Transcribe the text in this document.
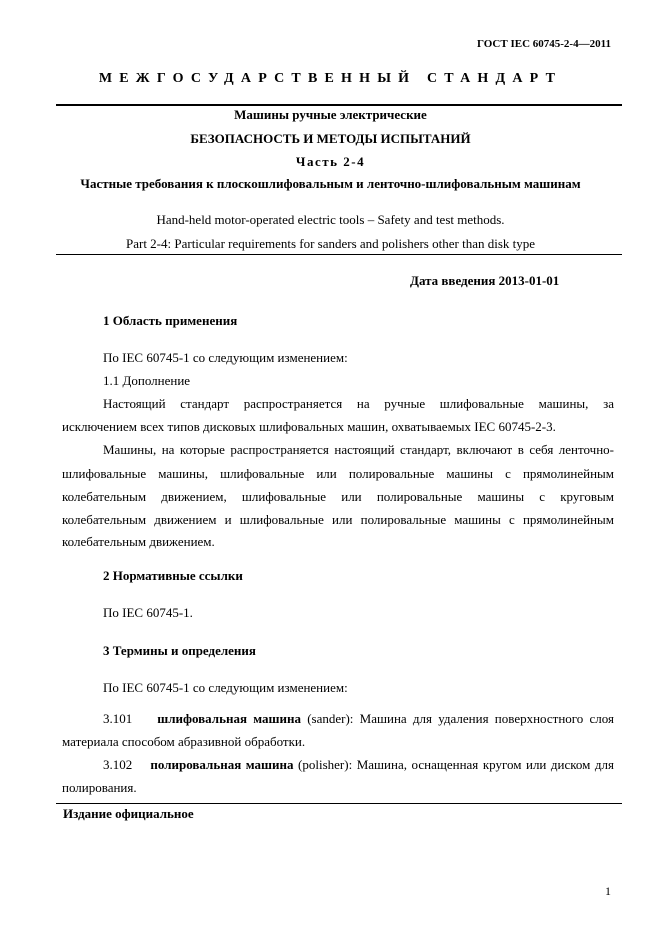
ГОСТ IEC 60745-2-4—2011
МЕЖГОСУДАРСТВЕННЫЙ СТАНДАРТ
Машины ручные электрические
БЕЗОПАСНОСТЬ И МЕТОДЫ ИСПЫТАНИЙ
Часть 2-4
Частные требования к плоскошлифовальным и ленточно-шлифовальным машинам
Hand-held motor-operated electric tools – Safety and test methods.
Part 2-4: Particular requirements for sanders and polishers other than disk type
Дата введения 2013-01-01
1 Область применения
По IEC 60745-1 со следующим изменением:
1.1 Дополнение
Настоящий стандарт распространяется на ручные шлифовальные машины, за
исключением всех типов дисковых шлифовальных машин, охватываемых IEC 60745-2-3.
Машины, на которые распространяется настоящий стандарт, включают в себя ленточно-
шлифовальные машины, шлифовальные или полировальные машины с прямолинейным
колебательным движением, шлифовальные или полировальные машины с круговым
колебательным движением и шлифовальные или полировальные машины с прямолинейным
колебательным движением.
2 Нормативные ссылки
По IEC 60745-1.
3 Термины и определения
По IEC 60745-1 со следующим изменением:
3.101 шлифовальная машина (sander): Машина для удаления поверхностного слоя
материала способом абразивной обработки.
3.102 полировальная машина (polisher): Машина, оснащенная кругом или диском для
полирования.
Издание официальное
1
